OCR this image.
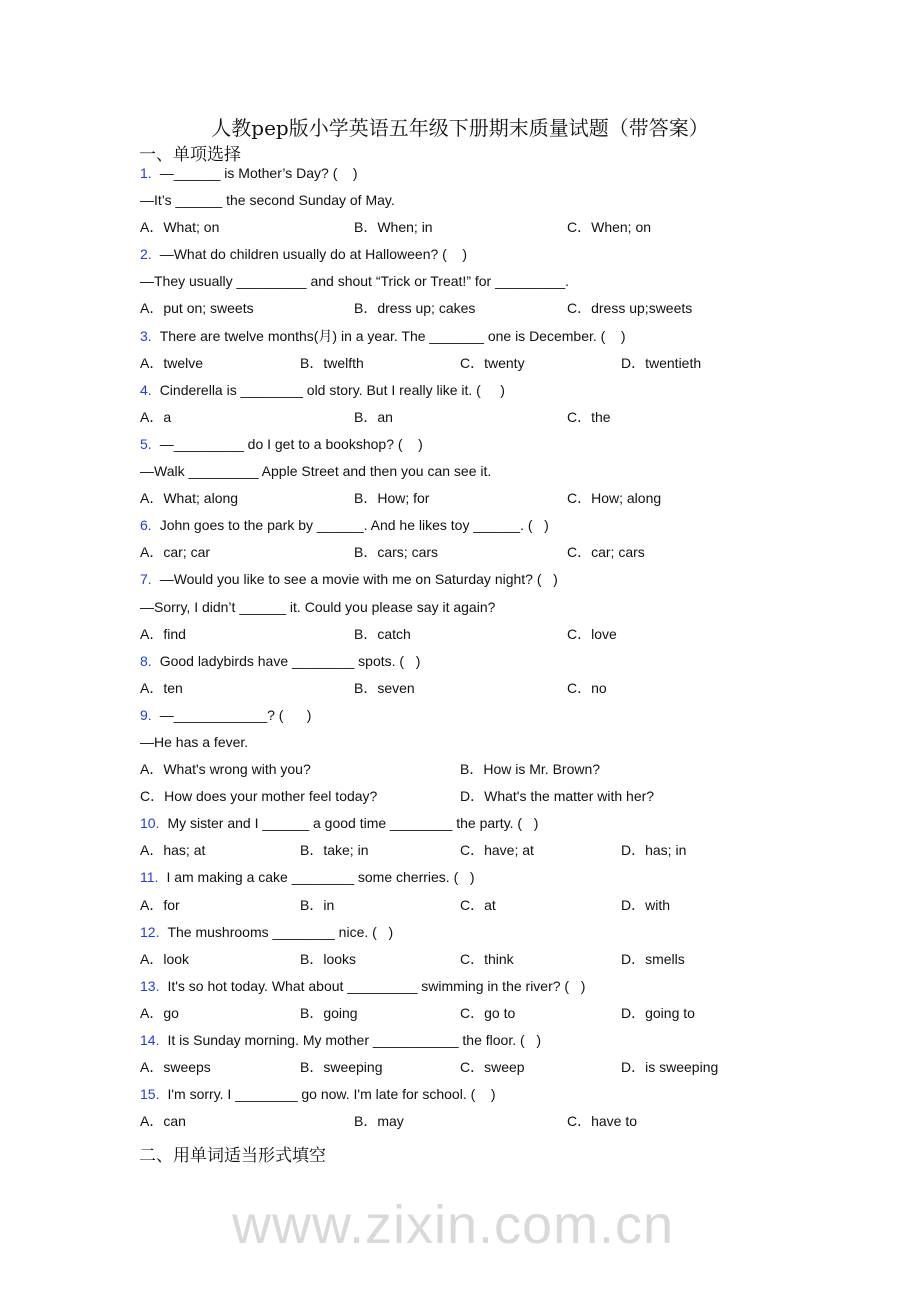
人教pep版小学英语五年级下册期末质量试题（带答案）
一、单项选择
1. —______ is Mother’s Day? (    )
—It’s ______ the second Sunday of May.
A．What; on	B．When; in	C．When; on
2. —What do children usually do at Halloween? (    )
—They usually _________ and shout “Trick or Treat!” for _________.
A．put on; sweets	B．dress up; cakes	C．dress up;sweets
3. There are twelve months(月) in a year. The _______ one is December. (    )
A．twelve	B．twelfth	C．twenty	D．twentieth
4. Cinderella is ________ old story. But I really like it. (     )
A．a	B．an	C．the
5. —_________ do I get to a bookshop? (    )
—Walk _________ Apple Street and then you can see it.
A．What; along	B．How; for	C．How; along
6. John goes to the park by ______. And he likes toy ______. (   )
A．car; car	B．cars; cars	C．car; cars
7. —Would you like to see a movie with me on Saturday night? (   )
—Sorry, I didn’t ______ it. Could you please say it again?
A．find	B．catch	C．love
8. Good ladybirds have ________ spots. (   )
A．ten	B．seven	C．no
9. —____________? (      )
—He has a fever.
A．What's wrong with you?	B．How is Mr. Brown?
C．How does your mother feel today?	D．What's the matter with her?
10. My sister and I ______ a good time ________ the party. (   )
A．has; at	B．take; in	C．have; at	D．has; in
11. I am making a cake ________ some cherries. (   )
A．for	B．in	C．at	D．with
12. The mushrooms ________ nice. (   )
A．look	B．looks	C．think	D．smells
13. It's so hot today. What about _________ swimming in the river? (   )
A．go	B．going	C．go to	D．going to
14. It is Sunday morning. My mother ___________ the floor. (   )
A．sweeps	B．sweeping	C．sweep	D．is sweeping
15. I'm sorry. I ________ go now. I'm late for school. (    )
A．can	B．may	C．have to
二、用单词适当形式填空
www.zixin.com.cn
